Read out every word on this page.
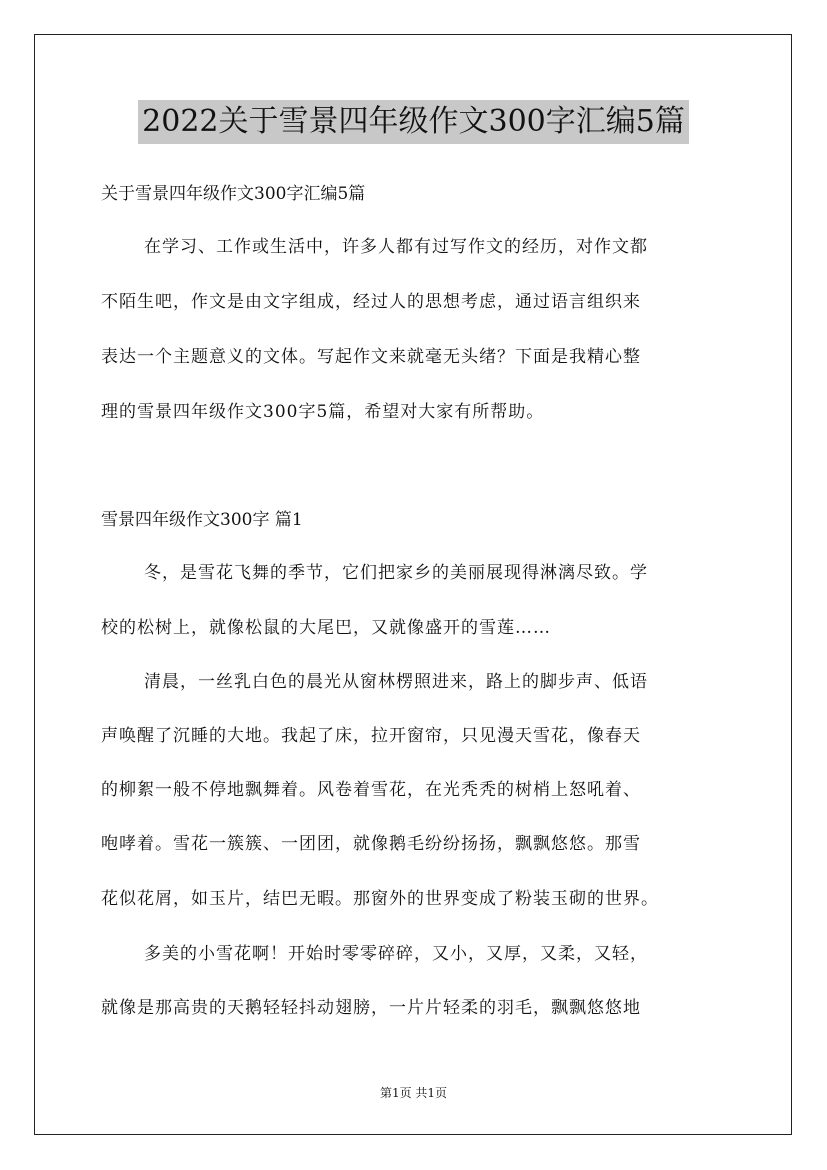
2022关于雪景四年级作文300字汇编5篇
关于雪景四年级作文300字汇编5篇
在学习、工作或生活中，许多人都有过写作文的经历，对作文都
不陌生吧，作文是由文字组成，经过人的思想考虑，通过语言组织来
表达一个主题意义的文体。写起作文来就毫无头绪？下面是我精心整
理的雪景四年级作文300字5篇，希望对大家有所帮助。
雪景四年级作文300字 篇1
冬，是雪花飞舞的季节，它们把家乡的美丽展现得淋漓尽致。学
校的松树上，就像松鼠的大尾巴，又就像盛开的雪莲……
清晨，一丝乳白色的晨光从窗林楞照进来，路上的脚步声、低语
声唤醒了沉睡的大地。我起了床，拉开窗帘，只见漫天雪花，像春天
的柳絮一般不停地飘舞着。风卷着雪花，在光秃秃的树梢上怒吼着、
咆哮着。雪花一簇簇、一团团，就像鹅毛纷纷扬扬，飘飘悠悠。那雪
花似花屑，如玉片，结巴无暇。那窗外的世界变成了粉装玉砌的世界。
多美的小雪花啊！开始时零零碎碎，又小，又厚，又柔，又轻，
就像是那高贵的天鹅轻轻抖动翅膀，一片片轻柔的羽毛，飘飘悠悠地
第1页 共1页
